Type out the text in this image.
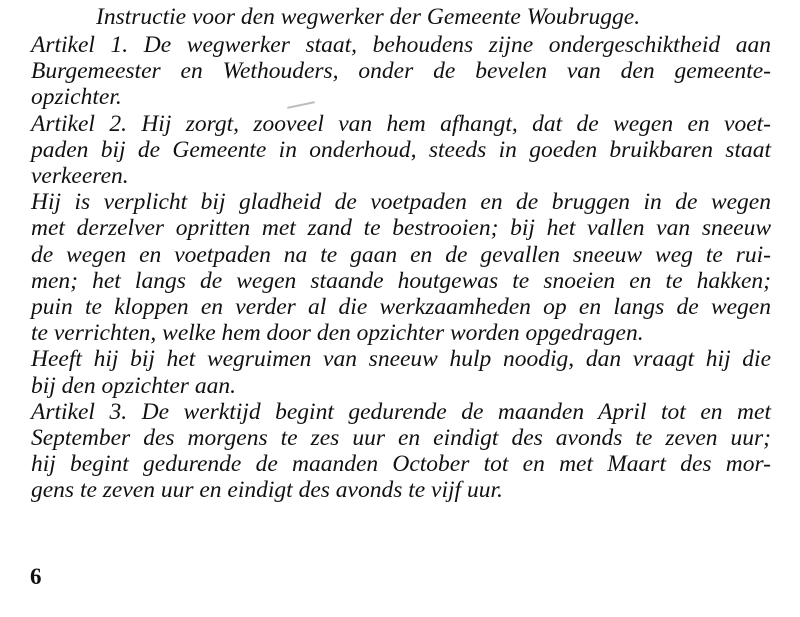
Instructie voor den wegwerker der Gemeente Woubrugge.
Artikel 1. De wegwerker staat, behoudens zijne ondergeschiktheid aan
Burgemeester en Wethouders, onder de bevelen van den gemeente-
opzichter.
Artikel 2. Hij zorgt, zooveel van hem afhangt, dat de wegen en voet-
paden bij de Gemeente in onderhoud, steeds in goeden bruikbaren staat
verkeeren.
Hij is verplicht bij gladheid de voetpaden en de bruggen in de wegen
met derzelver opritten met zand te bestrooien; bij het vallen van sneeuw
de wegen en voetpaden na te gaan en de gevallen sneeuw weg te rui-
men; het langs de wegen staande houtgewas te snoeien en te hakken;
puin te kloppen en verder al die werkzaamheden op en langs de wegen
te verrichten, welke hem door den opzichter worden opgedragen.
Heeft hij bij het wegruimen van sneeuw hulp noodig, dan vraagt hij die
bij den opzichter aan.
Artikel 3. De werktijd begint gedurende de maanden April tot en met
September des morgens te zes uur en eindigt des avonds te zeven uur;
hij begint gedurende de maanden October tot en met Maart des mor-
gens te zeven uur en eindigt des avonds te vijf uur.
6
